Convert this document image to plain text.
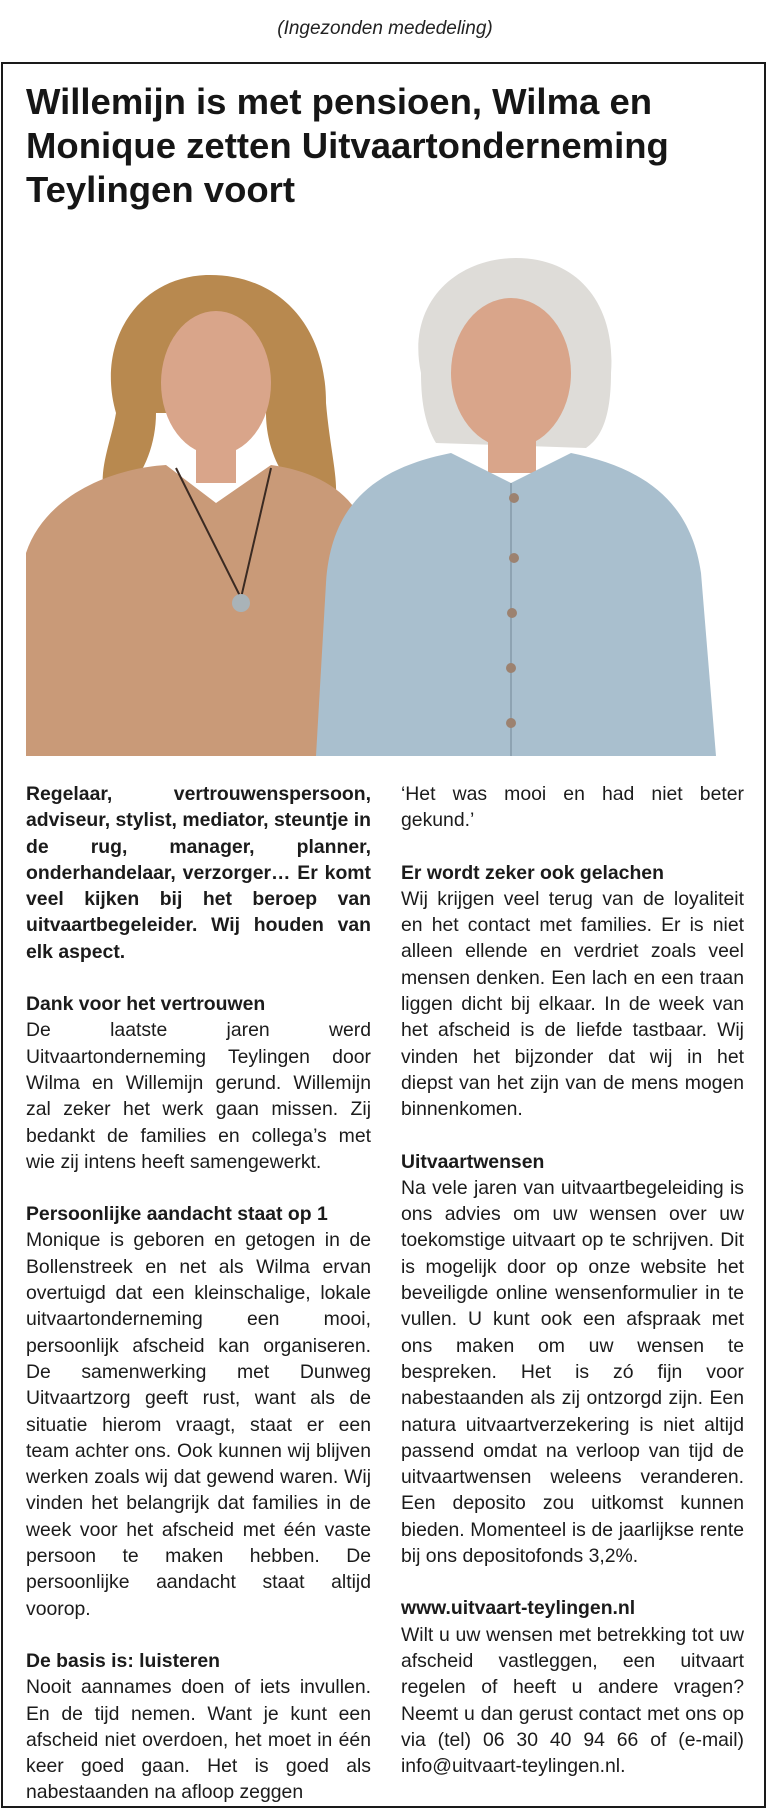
(Ingezonden mededeling)
Willemijn is met pensioen, Wilma en Monique zetten Uitvaartonderneming Teylingen voort

Regelaar, vertrouwenspersoon, adviseur, stylist, mediator, steuntje in de rug, manager, planner, onderhandelaar, verzorger… Er komt veel kijken bij het beroep van uitvaartbegeleider. Wij houden van elk aspect.

Dank voor het vertrouwen

De laatste jaren werd Uitvaartonderneming Teylingen door Wilma en Willemijn gerund. Willemijn zal zeker het werk gaan missen. Zij bedankt de families en collega’s met wie zij intens heeft samengewerkt.

Persoonlijke aandacht staat op 1

Monique is geboren en getogen in de Bollenstreek en net als Wilma ervan overtuigd dat een kleinschalige, lokale uitvaartonderneming een mooi, persoonlijk afscheid kan organiseren. De samenwerking met Dunweg Uitvaartzorg geeft rust, want als de situatie hierom vraagt, staat er een team achter ons. Ook kunnen wij blijven werken zoals wij dat gewend waren. Wij vinden het belangrijk dat families in de week voor het afscheid met één vaste persoon te maken hebben. De persoonlijke aandacht staat altijd voorop.

De basis is: luisteren

Nooit aannames doen of iets invullen. En de tijd nemen. Want je kunt een afscheid niet overdoen, het moet in één keer goed gaan. Het is goed als nabestaanden na afloop zeggen

‘Het was mooi en had niet beter gekund.’

Er wordt zeker ook gelachen

Wij krijgen veel terug van de loyaliteit en het contact met families. Er is niet alleen ellende en verdriet zoals veel mensen denken. Een lach en een traan liggen dicht bij elkaar. In de week van het afscheid is de liefde tastbaar. Wij vinden het bijzonder dat wij in het diepst van het zijn van de mens mogen binnenkomen.

Uitvaartwensen

Na vele jaren van uitvaartbegeleiding is ons advies om uw wensen over uw toekomstige uitvaart op te schrijven. Dit is mogelijk door op onze website het beveiligde online wensenformulier in te vullen. U kunt ook een afspraak met ons maken om uw wensen te bespreken. Het is zó fijn voor nabestaanden als zij ontzorgd zijn. Een natura uitvaartverzekering is niet altijd passend omdat na verloop van tijd de uitvaartwensen weleens veranderen. Een deposito zou uitkomst kunnen bieden. Momenteel is de jaarlijkse rente bij ons depositofonds 3,2%.

www.uitvaart-teylingen.nl

Wilt u uw wensen met betrekking tot uw afscheid vastleggen, een uitvaart regelen of heeft u andere vragen? Neemt u dan gerust contact met ons op via (tel) 06 30 40 94 66 of (e-mail) info@uitvaart-teylingen.nl.
